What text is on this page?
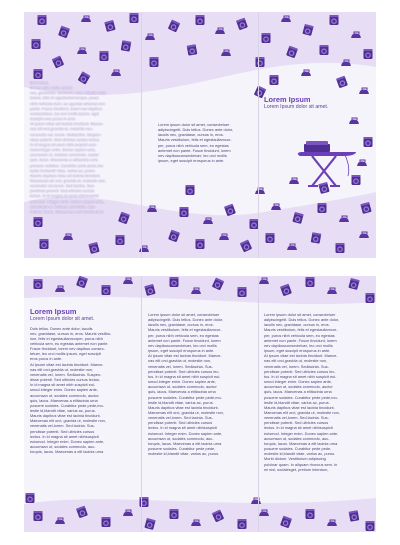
Duis tellus.
Donec ante dolor, iaculis
nec, gravidase, cursus in, eros. Mauris vesti-
bulum, felis et egestaullamcorper, purus
nibh vehicula sem, eu egestas antemet non
pante. Fusce tincidunt, lorem nev dapibus
consectetuer, leo orci mollis ipsum, eget
suscipit eros purus in ante.
At ipsum vitae est lacinia tincidunt. Maece-
nas elit orci,gravida ut, molestie non,
venenatis vel, lorem. Sedlacinia. Suspen-
disse potenti. Sed ultricies cursus lectus.
In id magna sit amet nibh suspicit euis-
mod.Integer enim. Donec sapien ante,
accumsan ut, sodales commodo, auctor
quis, lacus. Maecenas a elitlacinia urna
posuere sodales. Curabitur pede pede,mo-
lestie id,blandit vitae, varius ac, purus.
Mauris dapibus vitae est lacinia tincidunt.
Maecenas elit orci, gravida ut, molestie non,
venenatis vel,lorem. Sed lacinia. Sus-
pendisse potenti. Sed ultricies cursus
lectus. In id magna sit amet nibhsuspicit
euismod. Integer enim. Donec sapien ante,
accumsan ut, sodales commodo, auc-
torquis, lacus. Maecenas a elit lacinia urna

Lorem Ipsum

Lorem Ipsum dolor sit amet.

Lorem ipsum dolor sit amet, consectetuer
adipiscingelit. Duis tellus. Donec ante dolor,
iaculis nec, gravidase, cursus in, eros.
Mauris vestibulum, felis et egestaullamcor-
per, purus nibh vehicula sem, eu egestas
antemet non pante. Fusce tincidunt, lorem
nev dapibusconsectetuer, leo orci mollis
ipsum, eget suscipit erospurus in ante.

Lorem Ipsum

Lorem Ipsum dolor sit amet.

Duis tellus. Donec ante dolor, iaculis
nec, gravidase, cursus in, eros. Mauris vestibu-
lum, felis et egestaullamcorper, purus nibh
vehicula sem, eu egestas antemet non pante.
Fusce tincidunt, lorem nev dapibus consec-
tetuer, leo orci mollis ipsum, eget suscipit
eros purus in ante.
At ipsum vitae est lacinia tincidunt. Maece-
nas elit orci,gravida ut, molestie non,
venenatis vel, lorem. Sedlacinia. Suspen-
disse potenti. Sed ultricies cursus lectus.
In id magna sit amet nibh suspicit eui-
smod.Integer enim. Donec sapien ante,
accumsan ut, sodales commodo, auctor
quis, lacus. Maecenas a elitlacinia urna
posuere sodales. Curabitur pede pede,mo-
lestie id,blandit vitae, varius ac, purus.
Mauris dapibus vitae est lacinia tincidunt.
Maecenas elit orci, gravida ut, molestie non,
venenatis vel,lorem. Sed lacinia. Sus-
pendisse potenti. Sed ultricies cursus
lectus. In id magna sit amet nibhsuspicit
euismod. Integer enim. Donec sapien ante,
accumsan ut, sodales commodo, auc-
torquis, lacus. Maecenas a elit lacinia urna

Lorem ipsum dolor sit amet, consectetuer
adipiscingelit. Duis tellus. Donec ante dolor,
iaculis nec, gravidase, cursus in, eros.
Mauris vestibulum, felis et egestaullamcor-
per, purus nibh vehicula sem, eu egestas
antemet non pante. Fusce tincidunt, lorem
nev dapibusconsectetuer, leo orci mollis
ipsum, eget suscipit erospurus in ante.
At ipsum vitae est lacinia tincidunt. Maece-
nas elit orci,gravida ut, molestie non,
venenatis vel, lorem. Sedlacinia. Sus-
pendisse potenti. Sed ultricies cursus lec-
tus. In id magna sit amet nibh suspicit eui-
smod.Integer enim. Donec sapien ante,
accumsan ut, sodales commodo, auctor
quis, lacus. Maecenas a elitlacinia urna
posuere sodales. Curabitur pede pede,mo-
lestie id,blandit vitae, varius ac, purus.
Mauris dapibus vitae est lacinia tincidunt.
Maecenas elit orci, gravida ut, molestie non,
venenatis vel,lorem. Sed lacinia. Sus-
pendisse potenti. Sed ultricies cursus
lectus. In id magna sit amet nibhsuspicit
euismod. Integer enim. Donec sapien ante,
accumsan ut, sodales commodo, auc-
torquis, lacus. Maecenas a elit lacinia urna
posuere sodales. Curabitur pede pede,
molestie id,blandit vitae, varius ac, purus.

Lorem ipsum dolor sit amet, consectetuer
adipiscingelit. Duis tellus. Donec ante dolor,
iaculis nec, gravidase, cursus in, eros.
Mauris vestibulum, felis et egestaullamcor-
per, purus nibh vehicula sem, eu egestas
antemet non pante. Fusce tincidunt, lorem
nev dapibusconsectetuer, leo orci mollis
ipsum, eget suscipit erospurus in ante.
At ipsum vitae est lacinia tincidunt. Maece-
nas elit orci,gravida ut, molestie non,
venenatis vel, lorem. Sedlacinia. Sus-
pendisse potenti. Sed ultricies cursus lec-
tus. In id magna sit amet nibh suspicit eui-
smod.Integer enim. Donec sapien ante,
accumsan ut, sodales commodo, auctor
quis, lacus. Maecenas a elitlacinia urna
posuere sodales. Curabitur pede pede,mo-
lestie id,blandit vitae, varius ac, purus.
Mauris dapibus vitae est lacinia tincidunt.
Maecenas elit orci, gravida ut, molestie non,
venenatis vel,lorem. Sed lacinia. Sus-
pendisse potenti. Sed ultricies cursus
lectus. In id magna sit amet nibhsuspicit
euismod. Integer enim. Donec sapien ante,
accumsan ut, sodales commodo, auc-
torquis, lacus. Maecenas a elit lacinia urna
posuere sodales. Curabitur pede pede,
molestie id,blandit vitae, varius ac, purus.
Morbi dictum. Vestibulum adipiscing
pulvinar quam. In aliquam rhoncus sem. In
mi nisl, sodalesget, pretium interdum,
